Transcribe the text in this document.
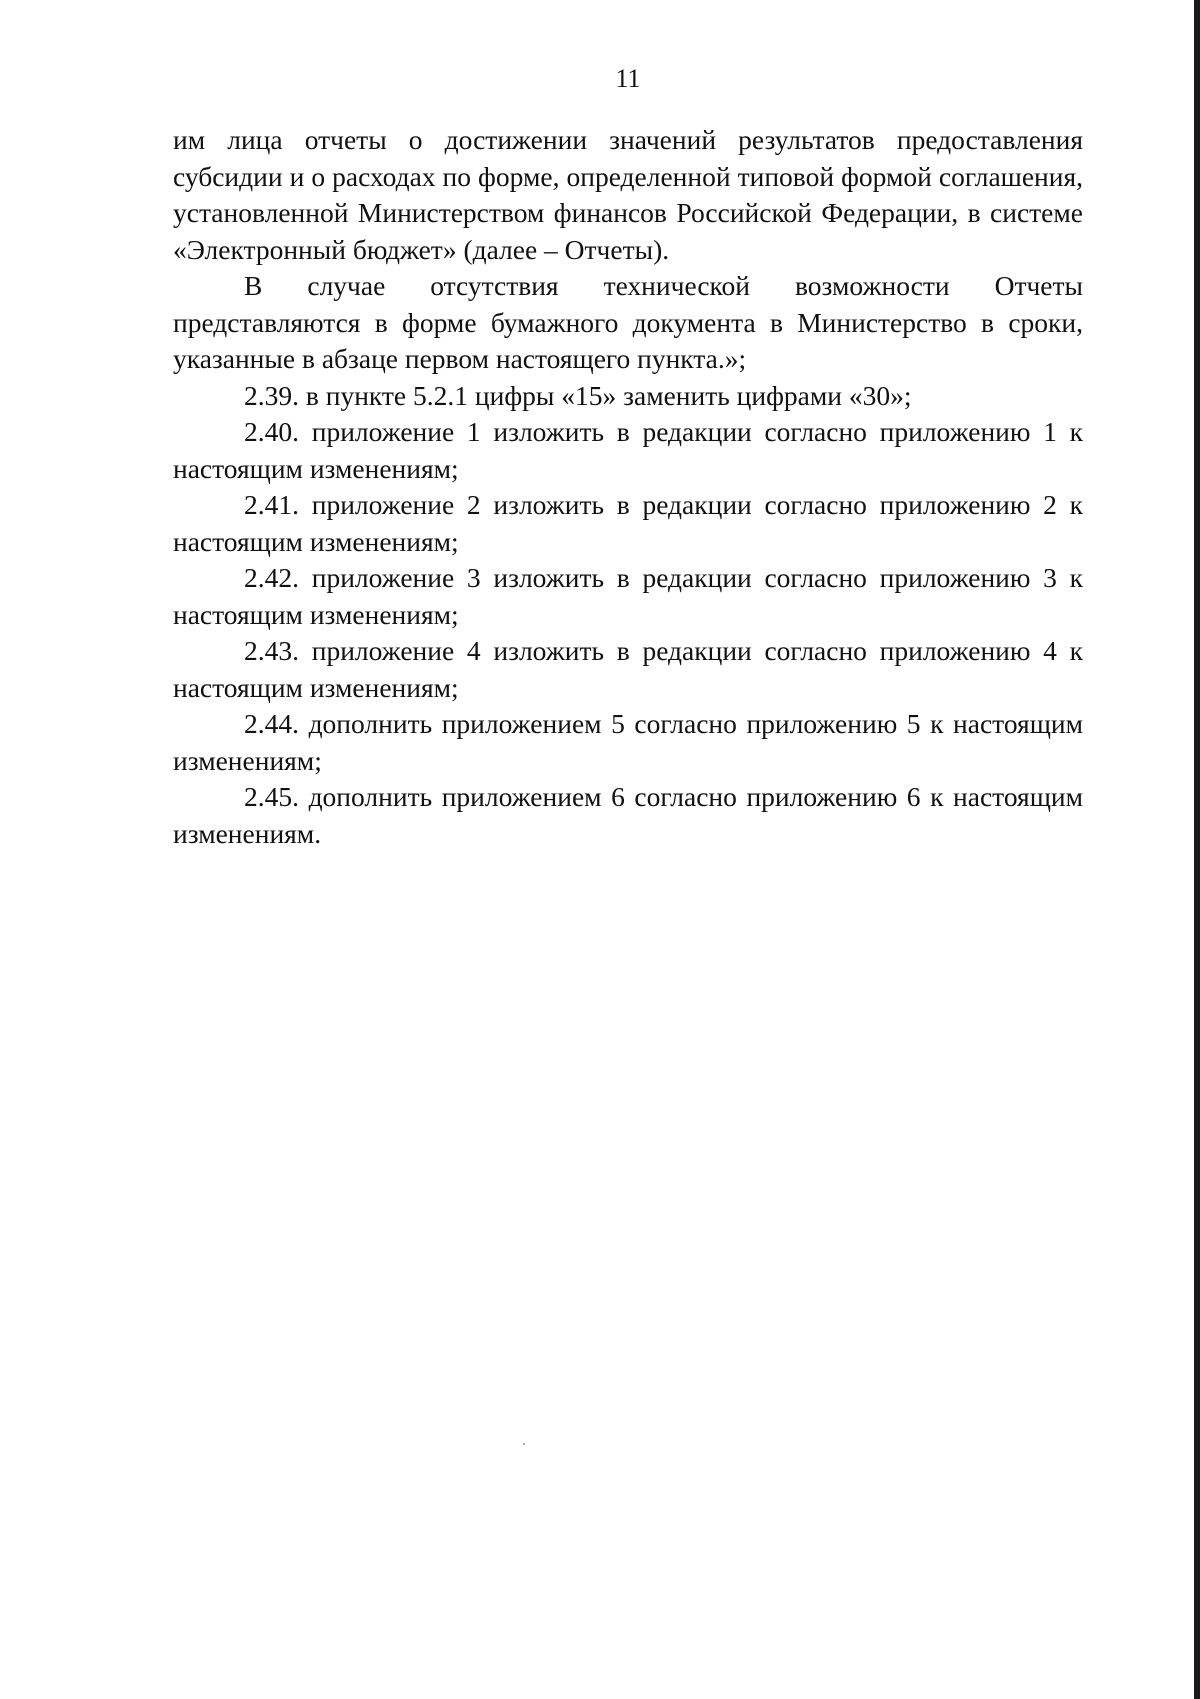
11

им лица отчеты о достижении значений результатов предоставления субсидии и о расходах по форме, определенной типовой формой соглашения, установленной Министерством финансов Российской Федерации, в системе «Электронный бюджет» (далее – Отчеты).

В случае отсутствия технической возможности Отчеты представляются в форме бумажного документа в Министерство в сроки, указанные в абзаце первом настоящего пункта.»;

2.39. в пункте 5.2.1 цифры «15» заменить цифрами «30»;

2.40. приложение 1 изложить в редакции согласно приложению 1 к настоящим изменениям;

2.41. приложение 2 изложить в редакции согласно приложению 2 к настоящим изменениям;

2.42. приложение 3 изложить в редакции согласно приложению 3 к настоящим изменениям;

2.43. приложение 4 изложить в редакции согласно приложению 4 к настоящим изменениям;

2.44. дополнить приложением 5 согласно приложению 5 к настоящим изменениям;

2.45. дополнить приложением 6 согласно приложению 6 к настоящим изменениям.
